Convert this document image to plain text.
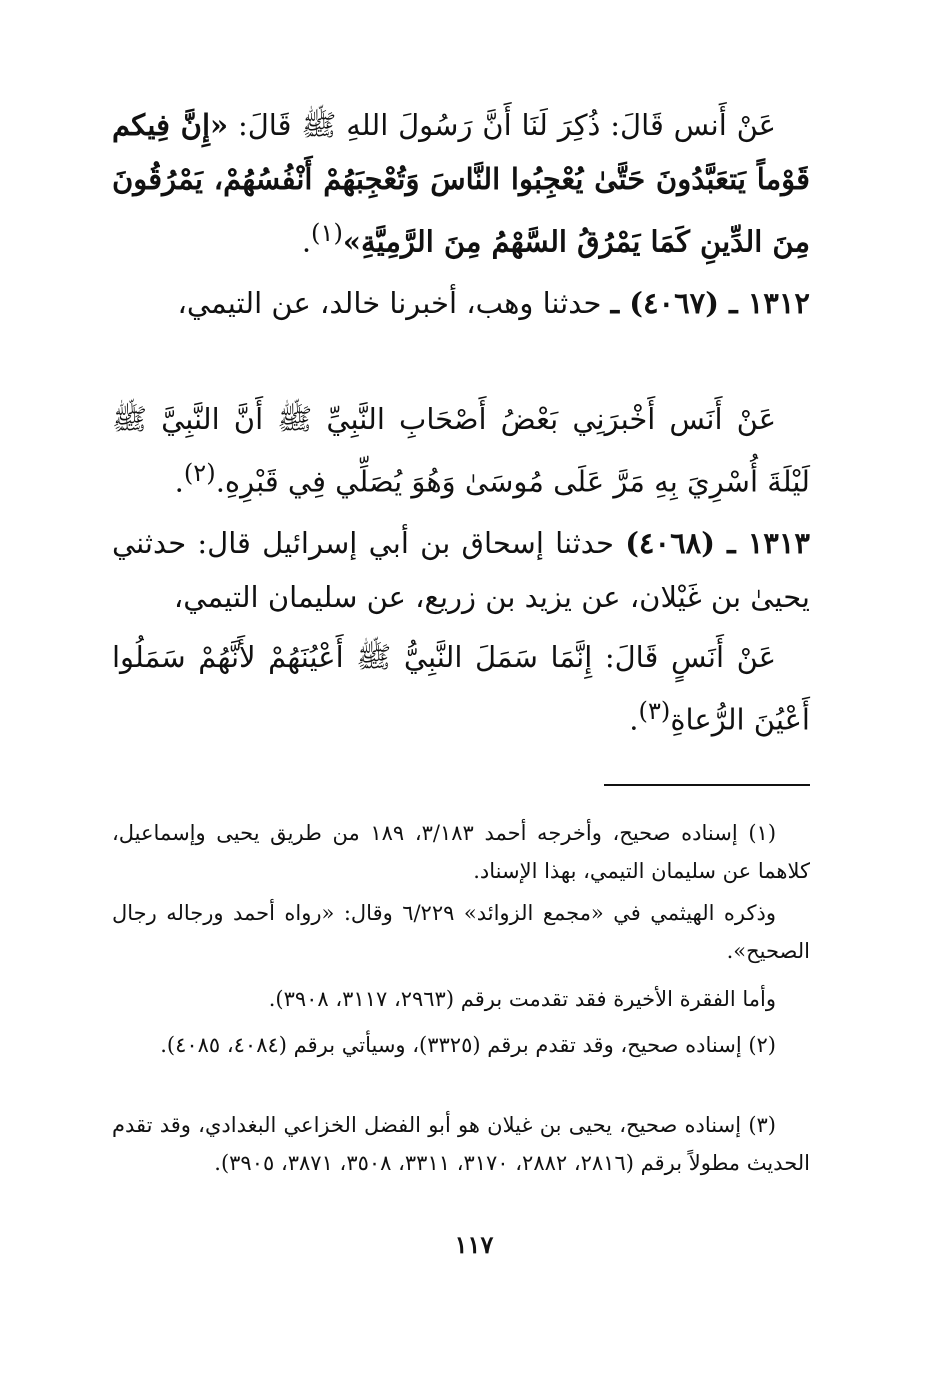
عَنْ أَنس قَالَ: ذُكِرَ لَنَا أَنَّ رَسُولَ اللهِ ﷺ قَالَ: «إِنَّ فِيكم قَوْماً يَتعَبَّدُونَ حَتَّىٰ يُعْجِبُوا النَّاسَ وَتُعْجِبَهُمْ أَنْفُسُهُمْ، يَمْرُقُونَ مِنَ الدِّينِ كَمَا يَمْرُقُ السَّهْمُ مِنَ الرَّمِيَّةِ»$^{(١)}$.

١٣١٢ ـ (٤٠٦٧) ـ حدثنا وهب، أخبرنا خالد، عن التيمي،

عَنْ أَنَس أَخْبرَنِي بَعْضُ أَصْحَابِ النَّبِيِّ ﷺ أَنَّ النَّبِيَّ ﷺ لَيْلَةَ أُسْرِيَ بِهِ مَرَّ عَلَى مُوسَىٰ وَهُوَ يُصَلِّي فِي قَبْرِهِ.$^{(٢)}$.

١٣١٣ ـ (٤٠٦٨) حدثنا إسحاق بن أبي إسرائيل قال: حدثني يحيىٰ بن غَيْلان، عن يزيد بن زريع، عن سليمان التيمي،

عَنْ أَنَسٍ قَالَ: إِنَّمَا سَمَلَ النَّبِيُّ ﷺ أَعْيُنَهُمْ لأَنَّهُمْ سَمَلُوا أَعْيُنَ الرُّعاةِ$^{(٣)}$.

(١) إسناده صحيح، وأخرجه أحمد ٣/١٨٣، ١٨٩ من طريق يحيى وإسماعيل، كلاهما عن سليمان التيمي، بهذا الإسناد.

وذكره الهيثمي في «مجمع الزوائد» ٦/٢٢٩ وقال: «رواه أحمد ورجاله رجال الصحيح».

وأما الفقرة الأخيرة فقد تقدمت برقم (٢٩٦٣، ٣١١٧، ٣٩٠٨).

(٢) إسناده صحيح، وقد تقدم برقم (٣٣٢٥)، وسيأتي برقم (٤٠٨٤، ٤٠٨٥).

(٣) إسناده صحيح، يحيى بن غيلان هو أبو الفضل الخزاعي البغدادي، وقد تقدم الحديث مطولاً برقم (٢٨١٦، ٢٨٨٢، ٣١٧٠، ٣٣١١، ٣٥٠٨، ٣٨٧١، ٣٩٠٥).

١١٧
